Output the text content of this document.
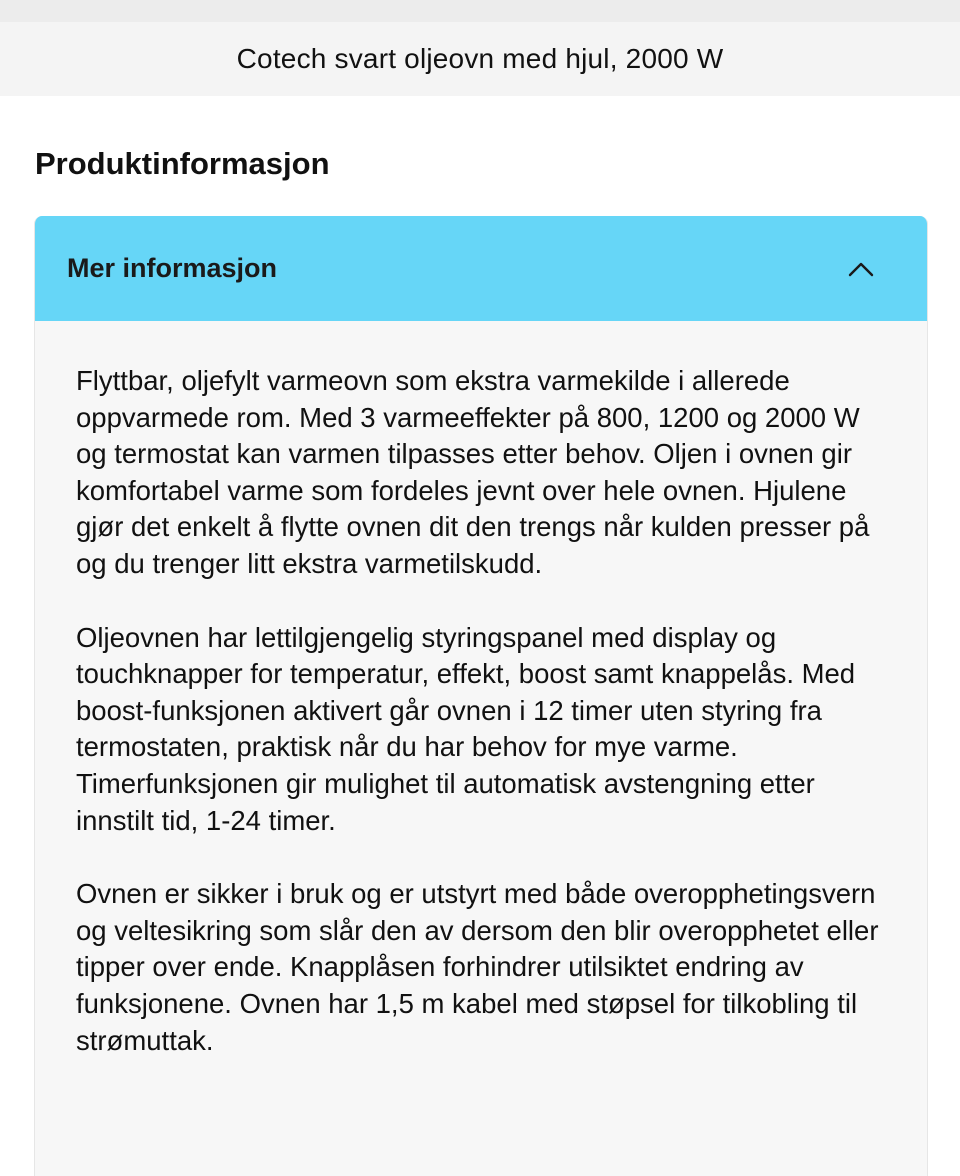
Cotech svart oljeovn med hjul, 2000 W
Produktinformasjon
Mer informasjon

Flyttbar, oljefylt varmeovn som ekstra varmekilde i allerede oppvarmede rom. Med 3 varmeeffekter på 800, 1200 og 2000 W og termostat kan varmen tilpasses etter behov. Oljen i ovnen gir komfortabel varme som fordeles jevnt over hele ovnen. Hjulene gjør det enkelt å flytte ovnen dit den trengs når kulden presser på og du trenger litt ekstra varmetilskudd.

Oljeovnen har lettilgjengelig styringspanel med display og touchknapper for temperatur, effekt, boost samt knappelås. Med boost-funksjonen aktivert går ovnen i 12 timer uten styring fra termostaten, praktisk når du har behov for mye varme. Timerfunksjonen gir mulighet til automatisk avstengning etter innstilt tid, 1-24 timer.

Ovnen er sikker i bruk og er utstyrt med både overopphetingsvern og veltesikring som slår den av dersom den blir overopphetet eller tipper over ende. Knapplåsen forhindrer utilsiktet endring av funksjonene. Ovnen har 1,5 m kabel med støpsel for tilkobling til strømuttak.
